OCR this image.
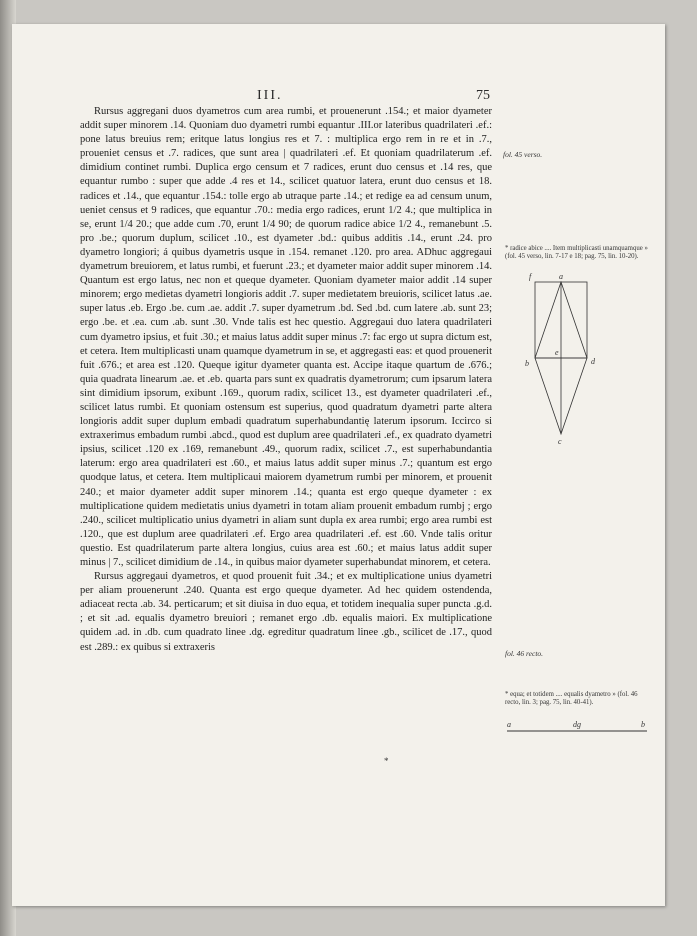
III.	75

Rursus aggregani duos dyametros cum area rumbi, et prouenerunt .154.; et maior dyameter addit super minorem .14. Quoniam duo dyametri rumbi equantur .III.or lateribus quadrilateri .ef.: pone latus breuius rem; eritque latus longius res et 7. : multiplica ergo rem in re et in .7., proueniet census et .7. radices, que sunt area | quadrilateri .ef. Et quoniam quadrilaterum .ef. dimidium continet rumbi. Duplica ergo censum et 7 radices, erunt duo census et .14 res, que equantur rumbo : super que adde .4 res et 14., scilicet quatuor latera, erunt duo census et 18. radices et .14., que equantur .154.: tolle ergo ab utraque parte .14.; et redige ea ad censum unum, ueniet census et 9 radices, que equantur .70.: media ergo radices, erunt 1/2 4.; que multiplica in se, erunt 1/4 20.; que adde cum .70, erunt 1/4 90; de quorum radice abice 1/2 4., remanebunt .5. pro .be.; quorum duplum, scilicet .10., est dyameter .bd.: quibus additis .14., erunt .24. pro dyametro longiori; á quibus dyametris usque in .154. remanet .120. pro area. ADhuc aggregaui dyametrum breuiorem, et latus rumbi, et fuerunt .23.; et dyameter maior addit super minorem .14. Quantum est ergo latus, nec non et queque dyameter. Quoniam dyameter maior addit .14 super minorem; ergo medietas dyametri longioris addit .7. super medietatem breuioris, scilicet latus .ae. super latus .eb. Ergo .be. cum .ae. addit .7. super dyametrum .bd. Sed .bd. cum latere .ab. sunt 23; ergo .be. et .ea. cum .ab. sunt .30. Vnde talis est hec questio. Aggregaui duo latera quadrilateri cum dyametro ipsius, et fuit .30.; et maius latus addit super minus .7: fac ergo ut supra dictum est, et cetera. Item multiplicasti unam quamque dyametrum in se, et aggregasti eas: et quod prouenerit fuit .676.; et area est .120. Queque igitur dyameter quanta est. Accipe itaque quartum de .676.; quia quadrata linearum .ae. et .eb. quarta pars sunt ex quadratis dyametrorum; cum ipsarum latera sint dimidium ipsorum, exibunt .169., quorum radix, scilicet 13., est dyameter quadrilateri .ef., scilicet latus rumbi. Et quoniam ostensum est superius, quod quadratum dyametri parte altera longioris addit super duplum embadi quadratum superhabundantię laterum ipsorum. Iccirco si extraxerimus embadum rumbi .abcd., quod est duplum aree quadrilateri .ef., ex quadrato dyametri ipsius, scilicet .120 ex .169, remanebunt .49., quorum radix, scilicet .7., est superhabundantia laterum: ergo area quadrilateri est .60., et maius latus addit super minus .7.; quantum est ergo quodque latus, et cetera. Item multiplicaui maiorem dyametrum rumbi per minorem, et prouenit 240.; et maior dyameter addit super minorem .14.; quanta est ergo queque dyameter : ex multiplicatione quidem medietatis unius dyametri in totam aliam prouenit embadum rumbj ; ergo .240., scilicet multiplicatio unius dyametri in aliam sunt dupla ex area rumbi; ergo area rumbi est .120., que est duplum aree quadrilateri .ef. Ergo area quadrilateri .ef. est .60. Vnde talis oritur questio. Est quadrilaterum parte altera longius, cuius area est .60.; et maius latus addit super minus | 7., scilicet dimidium de .14., in quibus maior dyameter superhabundat minorem, et cetera.

Rursus aggregaui dyametros, et quod prouenit fuit .34.; et ex multiplicatione unius dyametri per aliam prouenerunt .240. Quanta est ergo queque dyameter. Ad hec quidem ostendenda, adiaceat recta .ab. 34. perticarum; et sit diuisa in duo equa, et totidem inequalia super puncta .g.d. ; et sit .ad. equalis dyametro breuiori ; remanet ergo .db. equalis maiori. Ex multiplicatione quidem .ad. in .db. cum quadrato linee .dg. egreditur quadratum linee .gb., scilicet de .17., quod est .289.: ex quibus si extraxeris

fol. 45 verso.
* radice abice .... Item multiplicasti unamquamque » (fol. 45 verso, lin. 7-17 e 18; pag. 75, lin. 10-20).
f	a
b
e
d
c
fol. 46 recto.
* equa; et totidem .... equalis dyametro » (fol. 46 recto, lin. 3; pag. 75, lin. 40-41).
a	dg	b
*
